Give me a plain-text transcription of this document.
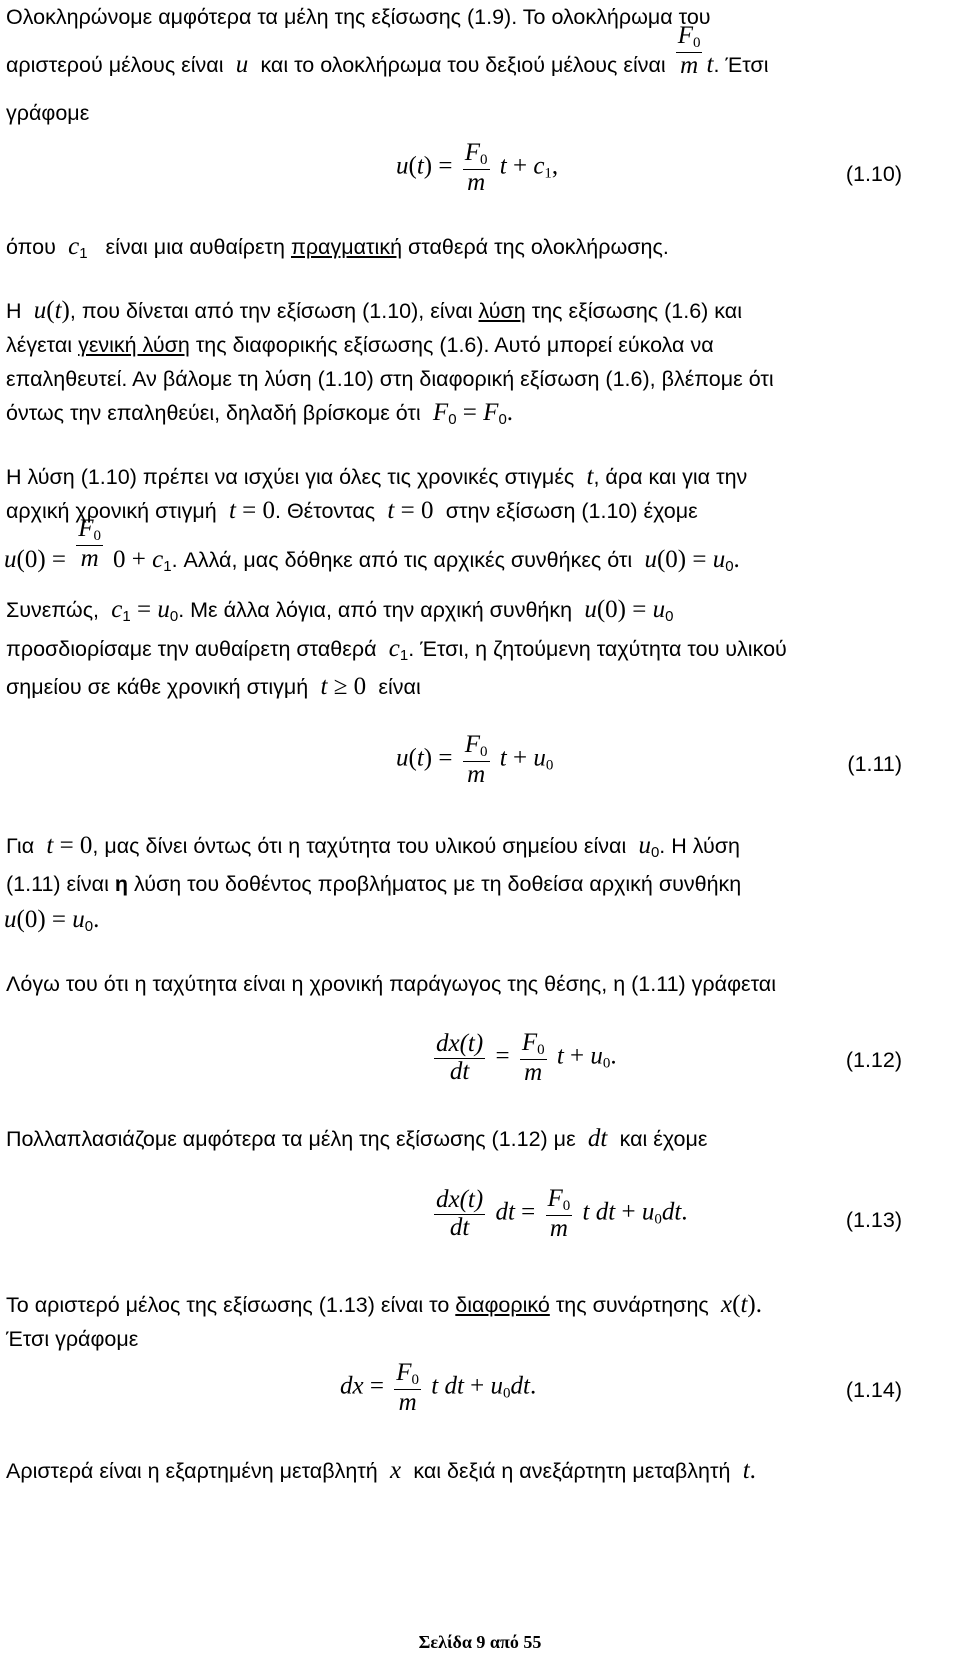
Ολοκληρώνομε αμφότερα τα μέλη της εξίσωσης (1.9). Το ολοκλήρωμα του
αριστερού μέλους είναι  u  και το ολοκλήρωμα του δεξιού μέλους είναι $\frac{F_0}{m} t$. Έτσι
γράφομε
$u(t) = \frac{F_0}{m}$ $t + c_1$,	(1.10)
όπου  $c_1$ είναι μια αυθαίρετη πραγματική σταθερά της ολοκλήρωσης.
Η  u(t), που δίνεται από την εξίσωση (1.10), είναι λύση της εξίσωσης (1.6) και
λέγεται γενική λύση της διαφορικής εξίσωσης (1.6). Αυτό μπορεί εύκολα να
επαληθευτεί. Αν βάλομε τη λύση (1.10) στη διαφορική εξίσωση (1.6), βλέπομε ότι
όντως την επαληθεύει, δηλαδή βρίσκομε ότι  $F_0 = F_0$.
Η λύση (1.10) πρέπει να ισχύει για όλες τις χρονικές στιγμές  t, άρα και για την
αρχική χρονική στιγμή  t = 0. Θέτοντας  t = 0  στην εξίσωση (1.10) έχομε
$u(0) = \frac{F_0}{m} 0 + c_1$. Αλλά, μας δόθηκε από τις αρχικές συνθήκες ότι  $u(0) = u_0$.
Συνεπώς,  $c_1 = u_0$. Με άλλα λόγια, από την αρχική συνθήκη  $u(0) = u_0$
προσδιορίσαμε την αυθαίρετη σταθερά  $c_1$. Έτσι, η ζητούμενη ταχύτητα του υλικού
σημείου σε κάθε χρονική στιγμή  t ≥ 0  είναι
$u(t) = \frac{F_0}{m}$ $t + u_0$	(1.11)
Για  t = 0, μας δίνει όντως ότι η ταχύτητα του υλικού σημείου είναι  $u_0$. Η λύση
(1.11) είναι η λύση του δοθέντος προβλήματος με τη δοθείσα αρχική συνθήκη
$u(0) = u_0$.
Λόγω του ότι η ταχύτητα είναι η χρονική παράγωγος της θέσης, η (1.11) γράφεται
$\frac{dx(t)}{dt} = \frac{F_0}{m}$ $t + u_0$.	(1.12)
Πολλαπλασιάζομε αμφότερα τα μέλη της εξίσωσης (1.12) με  dt  και έχομε
$\frac{dx(t)}{dt}$ dt = $\frac{F_0}{m}$ t dt + $u_0dt$.	(1.13)
Το αριστερό μέλος της εξίσωσης (1.13) είναι το διαφορικό της συνάρτησης  x(t).
Έτσι γράφομε
dx = $\frac{F_0}{m}$ t dt + $u_0dt$.	(1.14)
Αριστερά είναι η εξαρτημένη μεταβλητή  x  και δεξιά η ανεξάρτητη μεταβλητή  t.
Σελίδα 9 από 55
